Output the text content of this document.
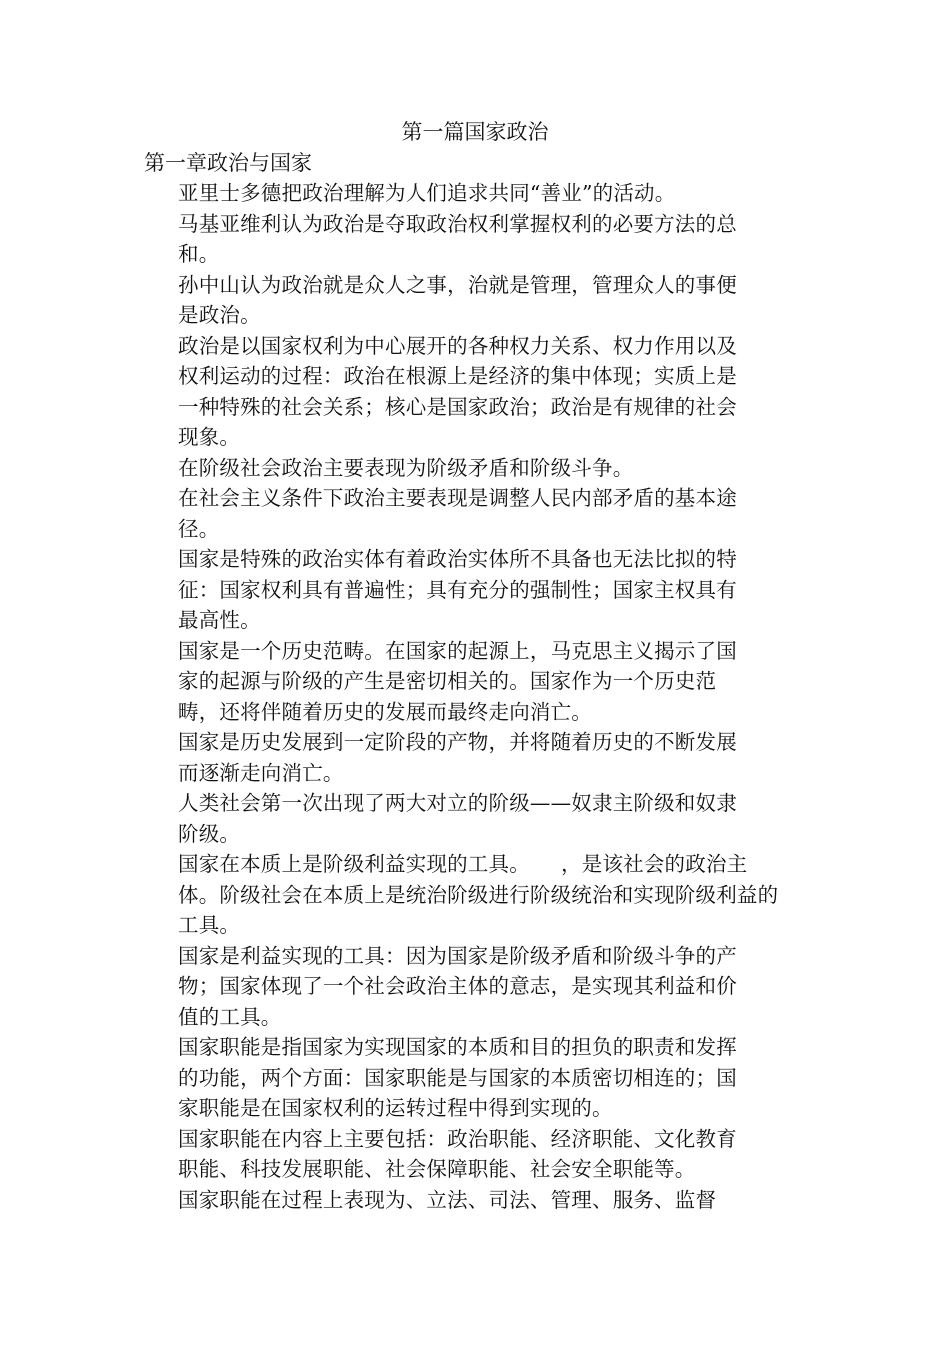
第一篇国家政治
第一章政治与国家

亚里士多德把政治理解为人们追求共同“善业”的活动。

马基亚维利认为政治是夺取政治权利掌握权利的必要方法的总和。

孙中山认为政治就是众人之事，治就是管理，管理众人的事便是政治。

政治是以国家权利为中心展开的各种权力关系、权力作用以及权利运动的过程：政治在根源上是经济的集中体现；实质上是一种特殊的社会关系；核心是国家政治；政治是有规律的社会现象。

在阶级社会政治主要表现为阶级矛盾和阶级斗争。

在社会主义条件下政治主要表现是调整人民内部矛盾的基本途径。

国家是特殊的政治实体有着政治实体所不具备也无法比拟的特征：国家权利具有普遍性；具有充分的强制性；国家主权具有最高性。

国家是一个历史范畴。在国家的起源上，马克思主义揭示了国家的起源与阶级的产生是密切相关的。国家作为一个历史范畴，还将伴随着历史的发展而最终走向消亡。

国家是历史发展到一定阶段的产物，并将随着历史的不断发展而逐渐走向消亡。

人类社会第一次出现了两大对立的阶级——奴隶主阶级和奴隶阶级。

国家在本质上是阶级利益实现的工具。　　，是该社会的政治主体。阶级社会在本质上是统治阶级进行阶级统治和实现阶级利益的工具。

国家是利益实现的工具：因为国家是阶级矛盾和阶级斗争的产物；国家体现了一个社会政治主体的意志，是实现其利益和价值的工具。

国家职能是指国家为实现国家的本质和目的担负的职责和发挥的功能，两个方面：国家职能是与国家的本质密切相连的；国家职能是在国家权利的运转过程中得到实现的。

国家职能在内容上主要包括：政治职能、经济职能、文化教育职能、科技发展职能、社会保障职能、社会安全职能等。

国家职能在过程上表现为、立法、司法、管理、服务、监督
